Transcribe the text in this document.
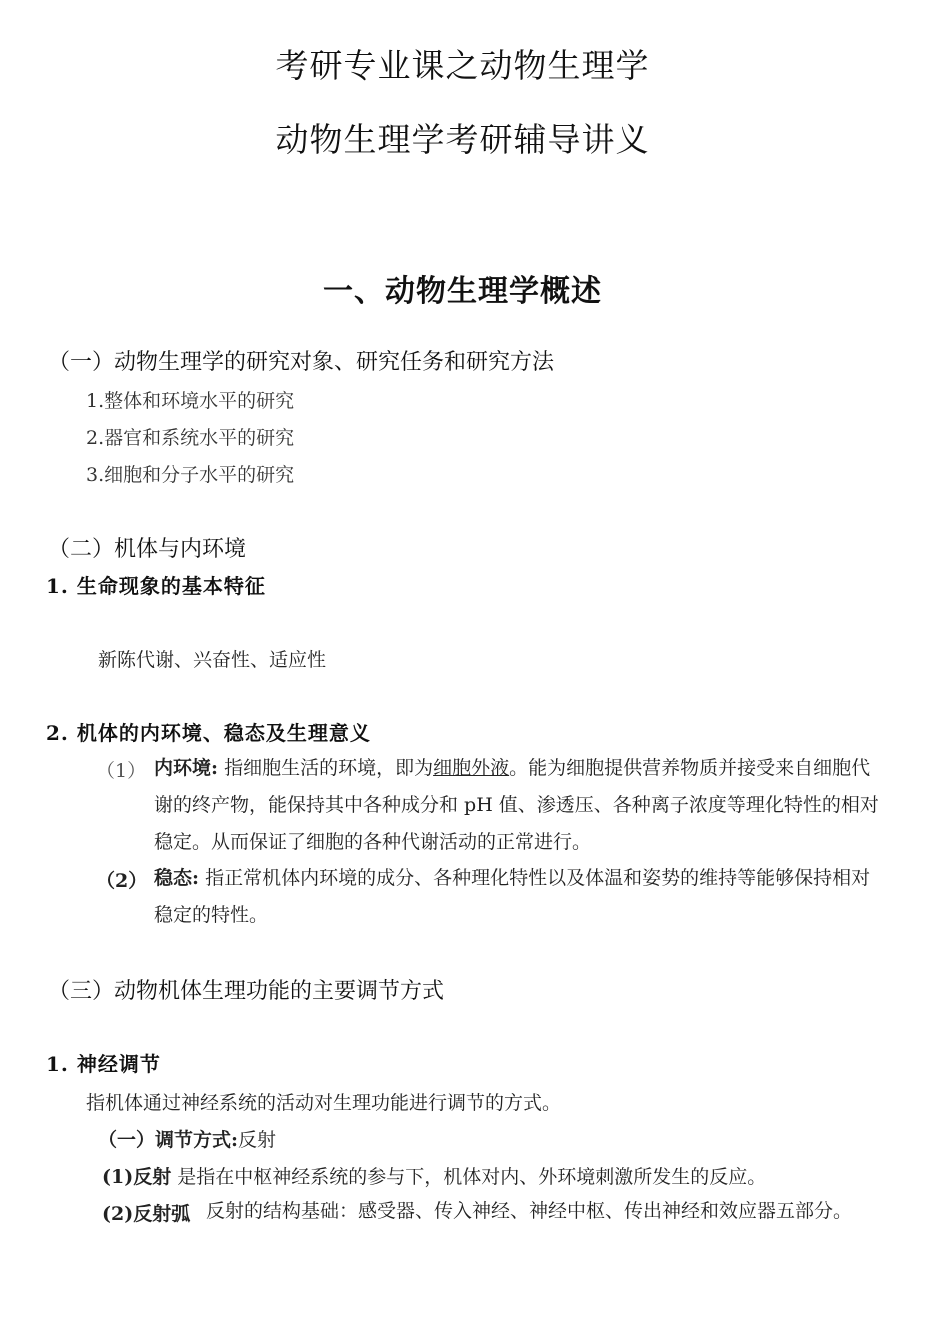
考研专业课之动物生理学
动物生理学考研辅导讲义
一、动物生理学概述
（一）动物生理学的研究对象、研究任务和研究方法
1.整体和环境水平的研究
2.器官和系统水平的研究
3.细胞和分子水平的研究
（二）机体与内环境
1. 生命现象的基本特征
新陈代谢、兴奋性、适应性
2. 机体的内环境、稳态及生理意义
（1） 内环境: 指细胞生活的环境，即为细胞外液。能为细胞提供营养物质并接受来自细胞代谢的终产物，能保持其中各种成分和 pH 值、渗透压、各种离子浓度等理化特性的相对稳定。从而保证了细胞的各种代谢活动的正常进行。
（2） 稳态: 指正常机体内环境的成分、各种理化特性以及体温和姿势的维持等能够保持相对稳定的特性。
（三）动物机体生理功能的主要调节方式
1. 神经调节
指机体通过神经系统的活动对生理功能进行调节的方式。
（一）调节方式:反射
(1)反射 是指在中枢神经系统的参与下，机体对内、外环境刺激所发生的反应。
(2)反射弧 反射的结构基础：感受器、传入神经、神经中枢、传出神经和效应器五部分。
